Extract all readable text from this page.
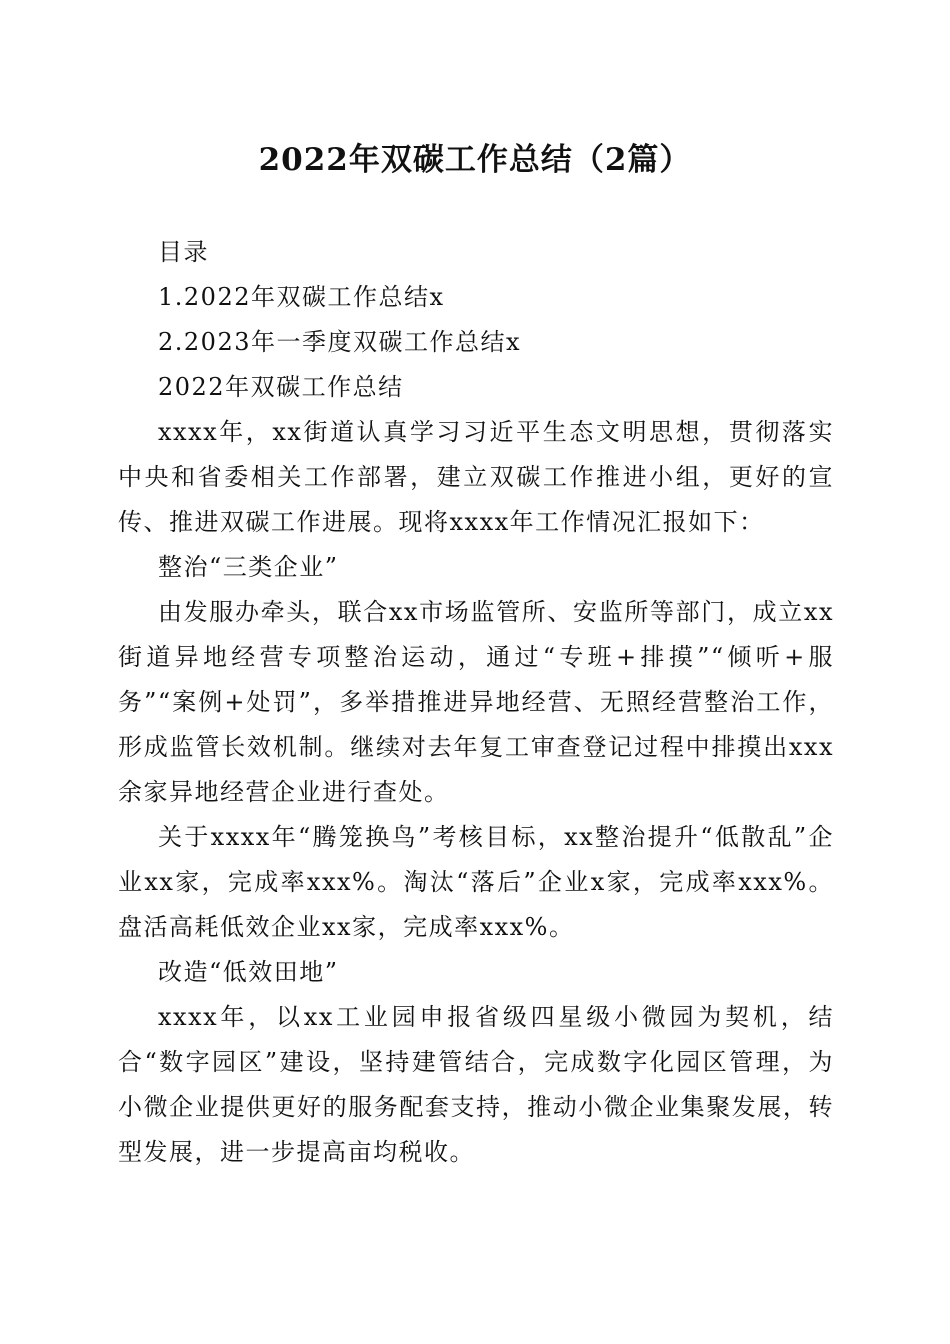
2022年双碳工作总结（2篇）
目录
1.2022年双碳工作总结x
2.2023年一季度双碳工作总结x
2022年双碳工作总结
xxxx年，xx街道认真学习习近平生态文明思想，贯彻落实中央和省委相关工作部署，建立双碳工作推进小组，更好的宣传、推进双碳工作进展。现将xxxx年工作情况汇报如下：
整治“三类企业”
由发服办牵头，联合xx市场监管所、安监所等部门，成立xx街道异地经营专项整治运动，通过“专班+排摸”“倾听+服务”“案例+处罚”，多举措推进异地经营、无照经营整治工作，形成监管长效机制。继续对去年复工审查登记过程中排摸出xxx余家异地经营企业进行查处。
关于xxxx年“腾笼换鸟”考核目标，xx整治提升“低散乱”企业xx家，完成率xxx%。淘汰“落后”企业x家，完成率xxx%。盘活高耗低效企业xx家，完成率xxx%。
改造“低效田地”
xxxx年，以xx工业园申报省级四星级小微园为契机，结合“数字园区”建设，坚持建管结合，完成数字化园区管理，为小微企业提供更好的服务配套支持，推动小微企业集聚发展，转型发展，进一步提高亩均税收。
